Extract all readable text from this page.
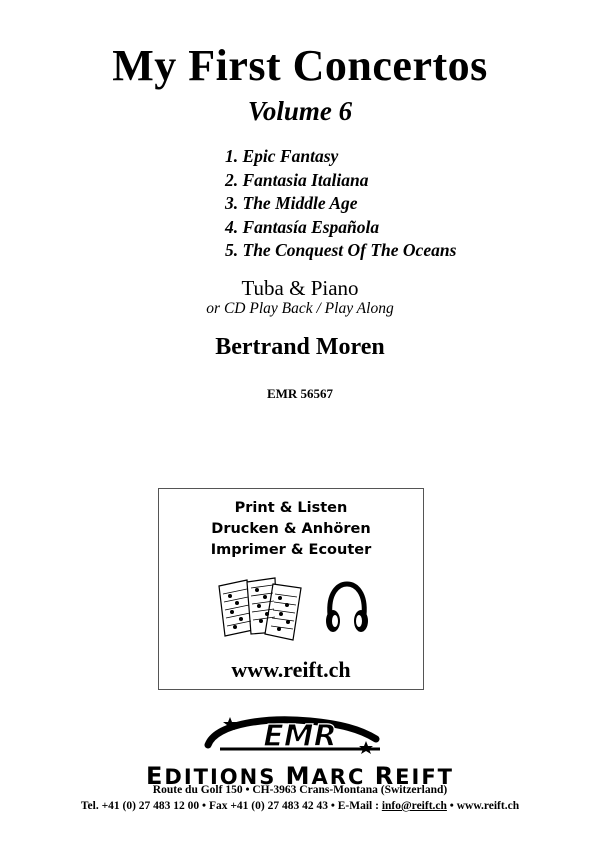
My First Concertos
Volume 6
1. Epic Fantasy
2. Fantasia Italiana
3. The Middle Age
4. Fantasía Española
5. The Conquest Of The Oceans
Tuba & Piano
or CD Play Back / Play Along
Bertrand Moren
EMR 56567
Print & Listen
Drucken & Anhören
Imprimer & Ecouter
www.reift.ch
EMR
EDITIONS MARC REIFT
Route du Golf 150 • CH-3963 Crans-Montana (Switzerland)
Tel. +41 (0) 27 483 12 00 • Fax +41 (0) 27 483 42 43 • E-Mail : info@reift.ch • www.reift.ch
